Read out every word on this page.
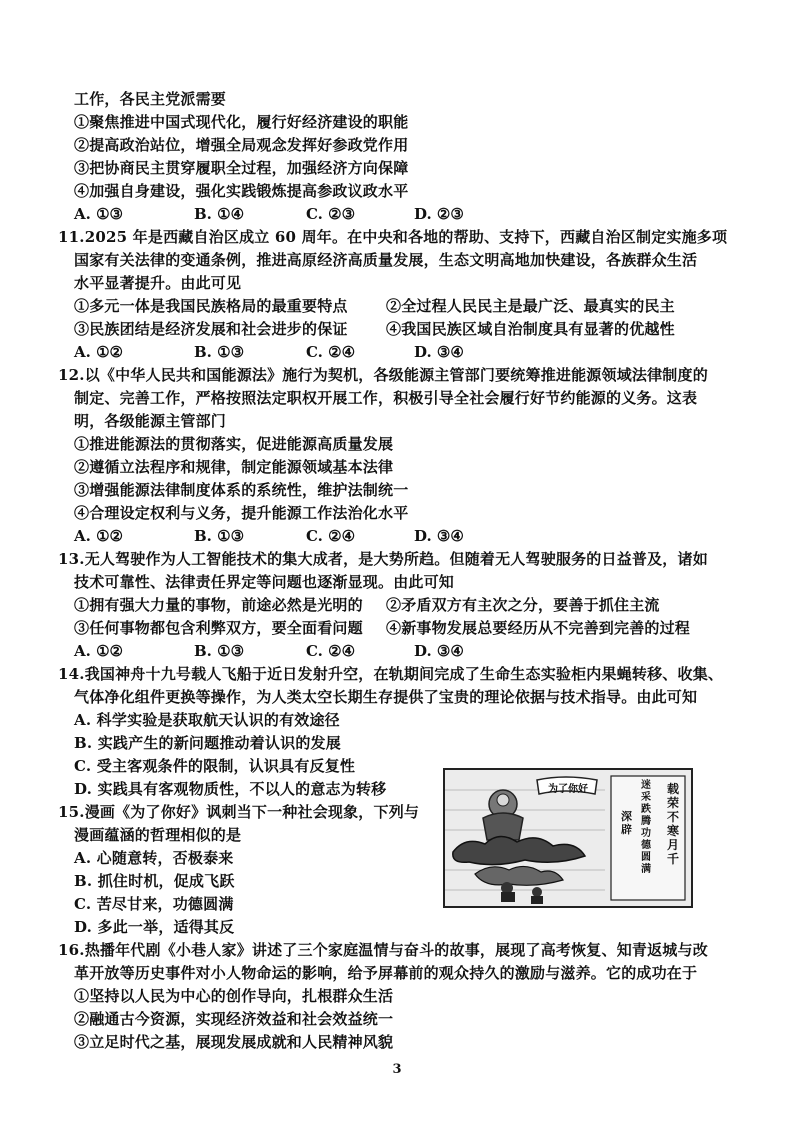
工作，各民主党派需要
①聚焦推进中国式现代化，履行好经济建设的职能
②提高政治站位，增强全局观念发挥好参政党作用
③把协商民主贯穿履职全过程，加强经济方向保障
④加强自身建设，强化实践锻炼提高参政议政水平
A. ①③	B. ①④	C. ②③	D. ②③
11.2025 年是西藏自治区成立 60 周年。在中央和各地的帮助、支持下，西藏自治区制定实施多项
国家有关法律的变通条例，推进高原经济高质量发展，生态文明高地加快建设，各族群众生活
水平显著提升。由此可见
①多元一体是我国民族格局的最重要特点	②全过程人民民主是最广泛、最真实的民主
③民族团结是经济发展和社会进步的保证	④我国民族区域自治制度具有显著的优越性
A. ①②	B. ①③	C. ②④	D. ③④
12.以《中华人民共和国能源法》施行为契机，各级能源主管部门要统筹推进能源领域法律制度的
制定、完善工作，严格按照法定职权开展工作，积极引导全社会履行好节约能源的义务。这表
明，各级能源主管部门
①推进能源法的贯彻落实，促进能源高质量发展
②遵循立法程序和规律，制定能源领域基本法律
③增强能源法律制度体系的系统性，维护法制统一
④合理设定权利与义务，提升能源工作法治化水平
A. ①②	B. ①③	C. ②④	D. ③④
13.无人驾驶作为人工智能技术的集大成者，是大势所趋。但随着无人驾驶服务的日益普及，诸如
技术可靠性、法律责任界定等问题也逐渐显现。由此可知
①拥有强大力量的事物，前途必然是光明的 ②矛盾双方有主次之分，要善于抓住主流
③任何事物都包含利弊双方，要全面看问题 ④新事物发展总要经历从不完善到完善的过程
A. ①②	B. ①③	C. ②④	D. ③④
14.我国神舟十九号载人飞船于近日发射升空，在轨期间完成了生命生态实验柜内果蝇转移、收集、
气体净化组件更换等操作，为人类太空长期生存提供了宝贵的理论依据与技术指导。由此可知
A. 科学实验是获取航天认识的有效途径
B. 实践产生的新问题推动着认识的发展
C. 受主客观条件的限制，认识具有反复性
D. 实践具有客观物质性，不以人的意志为转移
15.漫画《为了你好》讽刺当下一种社会现象，下列与
漫画蕴涵的哲理相似的是
A. 心随意转，否极泰来
B. 抓住时机，促成飞跃
C. 苦尽甘来，功德圆满
D. 多此一举，适得其反
为了你好	载荣不寒月千
迷采跌腾功德圆满
深辟
16.热播年代剧《小巷人家》讲述了三个家庭温情与奋斗的故事，展现了高考恢复、知青返城与改
革开放等历史事件对小人物命运的影响，给予屏幕前的观众持久的激励与滋养。它的成功在于
①坚持以人民为中心的创作导向，扎根群众生活
②融通古今资源，实现经济效益和社会效益统一
③立足时代之基，展现发展成就和人民精神风貌
3
